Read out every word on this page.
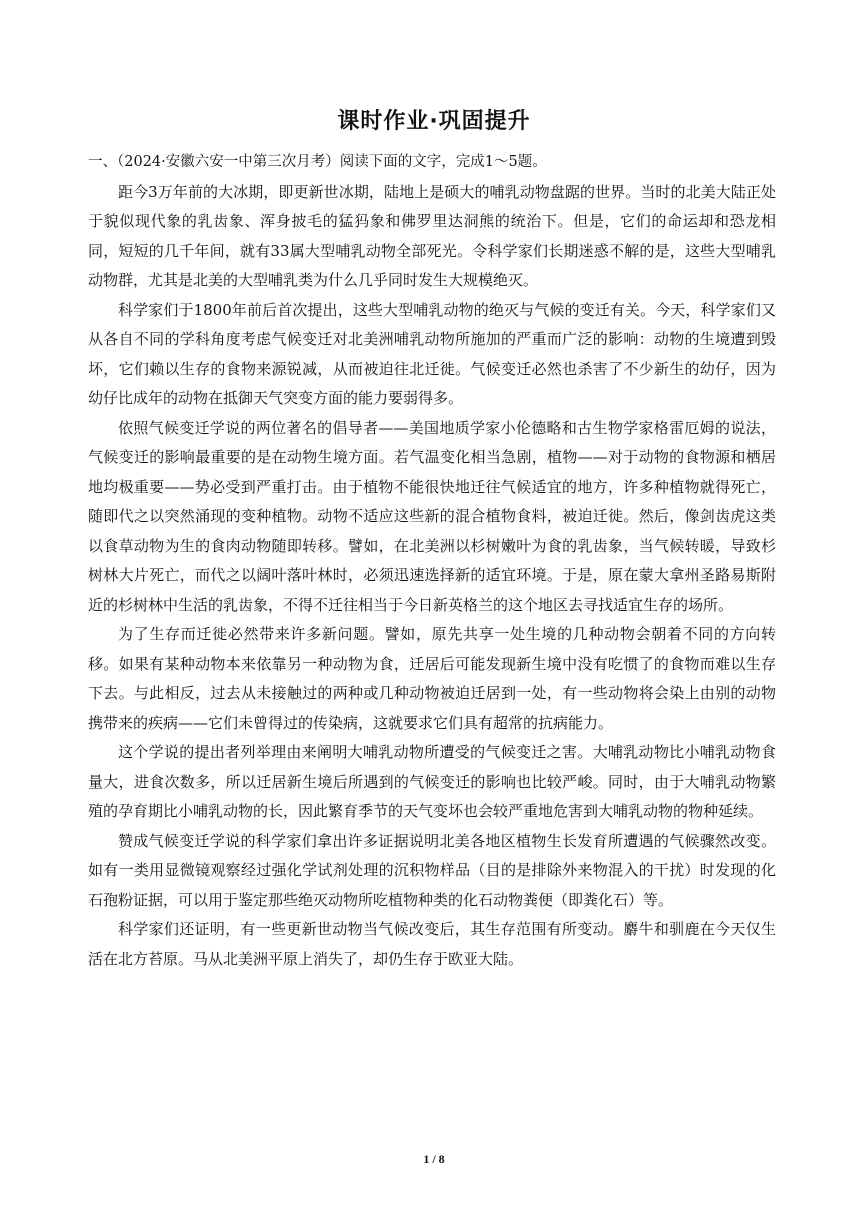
课时作业·巩固提升

一、（2024·安徽六安一中第三次月考）阅读下面的文字，完成1～5题。

距今3万年前的大冰期，即更新世冰期，陆地上是硕大的哺乳动物盘踞的世界。当时的北美大陆正处于貌似现代象的乳齿象、浑身披毛的猛犸象和佛罗里达洞熊的统治下。但是，它们的命运却和恐龙相同，短短的几千年间，就有33属大型哺乳动物全部死光。令科学家们长期迷惑不解的是，这些大型哺乳动物群，尤其是北美的大型哺乳类为什么几乎同时发生大规模绝灭。

科学家们于1800年前后首次提出，这些大型哺乳动物的绝灭与气候的变迁有关。今天，科学家们又从各自不同的学科角度考虑气候变迁对北美洲哺乳动物所施加的严重而广泛的影响：动物的生境遭到毁坏，它们赖以生存的食物来源锐减，从而被迫往北迁徙。气候变迁必然也杀害了不少新生的幼仔，因为幼仔比成年的动物在抵御天气突变方面的能力要弱得多。

依照气候变迁学说的两位著名的倡导者——美国地质学家小伦德略和古生物学家格雷厄姆的说法，气候变迁的影响最重要的是在动物生境方面。若气温变化相当急剧，植物——对于动物的食物源和栖居地均极重要——势必受到严重打击。由于植物不能很快地迁往气候适宜的地方，许多种植物就得死亡，随即代之以突然涌现的变种植物。动物不适应这些新的混合植物食料，被迫迁徙。然后，像剑齿虎这类以食草动物为生的食肉动物随即转移。譬如，在北美洲以杉树嫩叶为食的乳齿象，当气候转暖，导致杉树林大片死亡，而代之以阔叶落叶林时，必须迅速选择新的适宜环境。于是，原在蒙大拿州圣路易斯附近的杉树林中生活的乳齿象，不得不迁往相当于今日新英格兰的这个地区去寻找适宜生存的场所。

为了生存而迁徙必然带来许多新问题。譬如，原先共享一处生境的几种动物会朝着不同的方向转移。如果有某种动物本来依靠另一种动物为食，迁居后可能发现新生境中没有吃惯了的食物而难以生存下去。与此相反，过去从未接触过的两种或几种动物被迫迁居到一处，有一些动物将会染上由别的动物携带来的疾病——它们未曾得过的传染病，这就要求它们具有超常的抗病能力。

这个学说的提出者列举理由来阐明大哺乳动物所遭受的气候变迁之害。大哺乳动物比小哺乳动物食量大，进食次数多，所以迁居新生境后所遇到的气候变迁的影响也比较严峻。同时，由于大哺乳动物繁殖的孕育期比小哺乳动物的长，因此繁育季节的天气变坏也会较严重地危害到大哺乳动物的物种延续。

赞成气候变迁学说的科学家们拿出许多证据说明北美各地区植物生长发育所遭遇的气候骤然改变。如有一类用显微镜观察经过强化学试剂处理的沉积物样品（目的是排除外来物混入的干扰）时发现的化石孢粉证据，可以用于鉴定那些绝灭动物所吃植物种类的化石动物粪便（即粪化石）等。

科学家们还证明，有一些更新世动物当气候改变后，其生存范围有所变动。麝牛和驯鹿在今天仅生活在北方苔原。马从北美洲平原上消失了，却仍生存于欧亚大陆。

1 / 8
